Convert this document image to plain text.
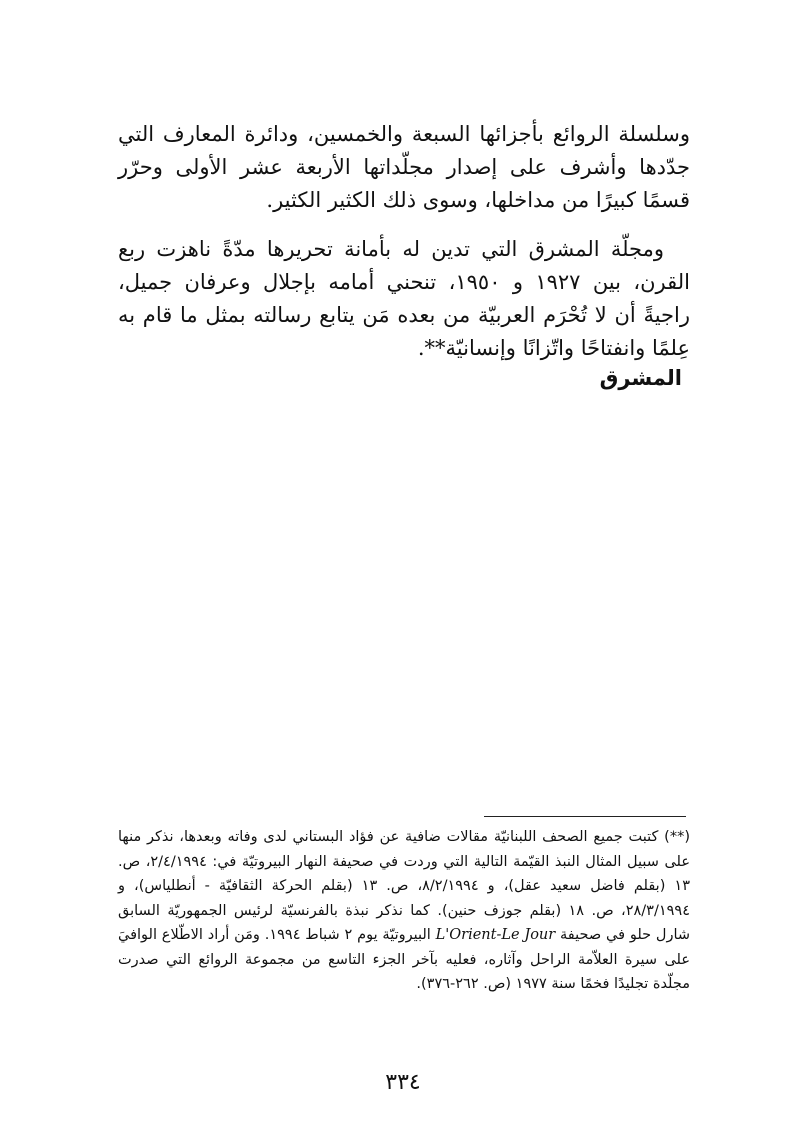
وسلسلة الروائع بأجزائها السبعة والخمسين، ودائرة المعارف التي جدّدها وأشرف على إصدار مجلّداتها الأربعة عشر الأولى وحرّر قسمًا كبيرًا من مداخلها، وسوى ذلك الكثير الكثير.

ومجلّة المشرق التي تدين له بأمانة تحريرها مدّةً ناهزت ربع القرن، بين ١٩٢٧ و ١٩٥٠، تنحني أمامه بإجلال وعرفان جميل، راجيةً أن لا تُحْرَم العربيّة من بعده مَن يتابع رسالته بمثل ما قام به عِلمًا وانفتاحًا واتّزانًا وإنسانيّة**.

المشرق

(**) كتبت جميع الصحف اللبنانيّة مقالات ضافية عن فؤاد البستاني لدى وفاته وبعدها، نذكر منها على سبيل المثال النبذ القيّمة التالية التي وردت في صحيفة النهار البيروتيّة في: ٢/٤/١٩٩٤، ص. ١٣ (بقلم فاضل سعيد عقل)، و ٨/٢/١٩٩٤، ص. ١٣ (بقلم الحركة الثقافيّة - أنطلياس)، و ٢٨/٣/١٩٩٤، ص. ١٨ (بقلم جوزف حنين). كما نذكر نبذة بالفرنسيّة لرئيس الجمهوريّة السابق شارل حلو في صحيفة L'Orient-Le Jour البيروتيّة يوم ٢ شباط ١٩٩٤. ومَن أراد الاطّلاع الوافيَ على سيرة العلاّمة الراحل وآثاره، فعليه بآخر الجزء التاسع من مجموعة الروائع التي صدرت مجلّدة تجليدًا فخمًا سنة ١٩٧٧ (ص. ٢٦٢-٣٧٦).

٣٣٤
